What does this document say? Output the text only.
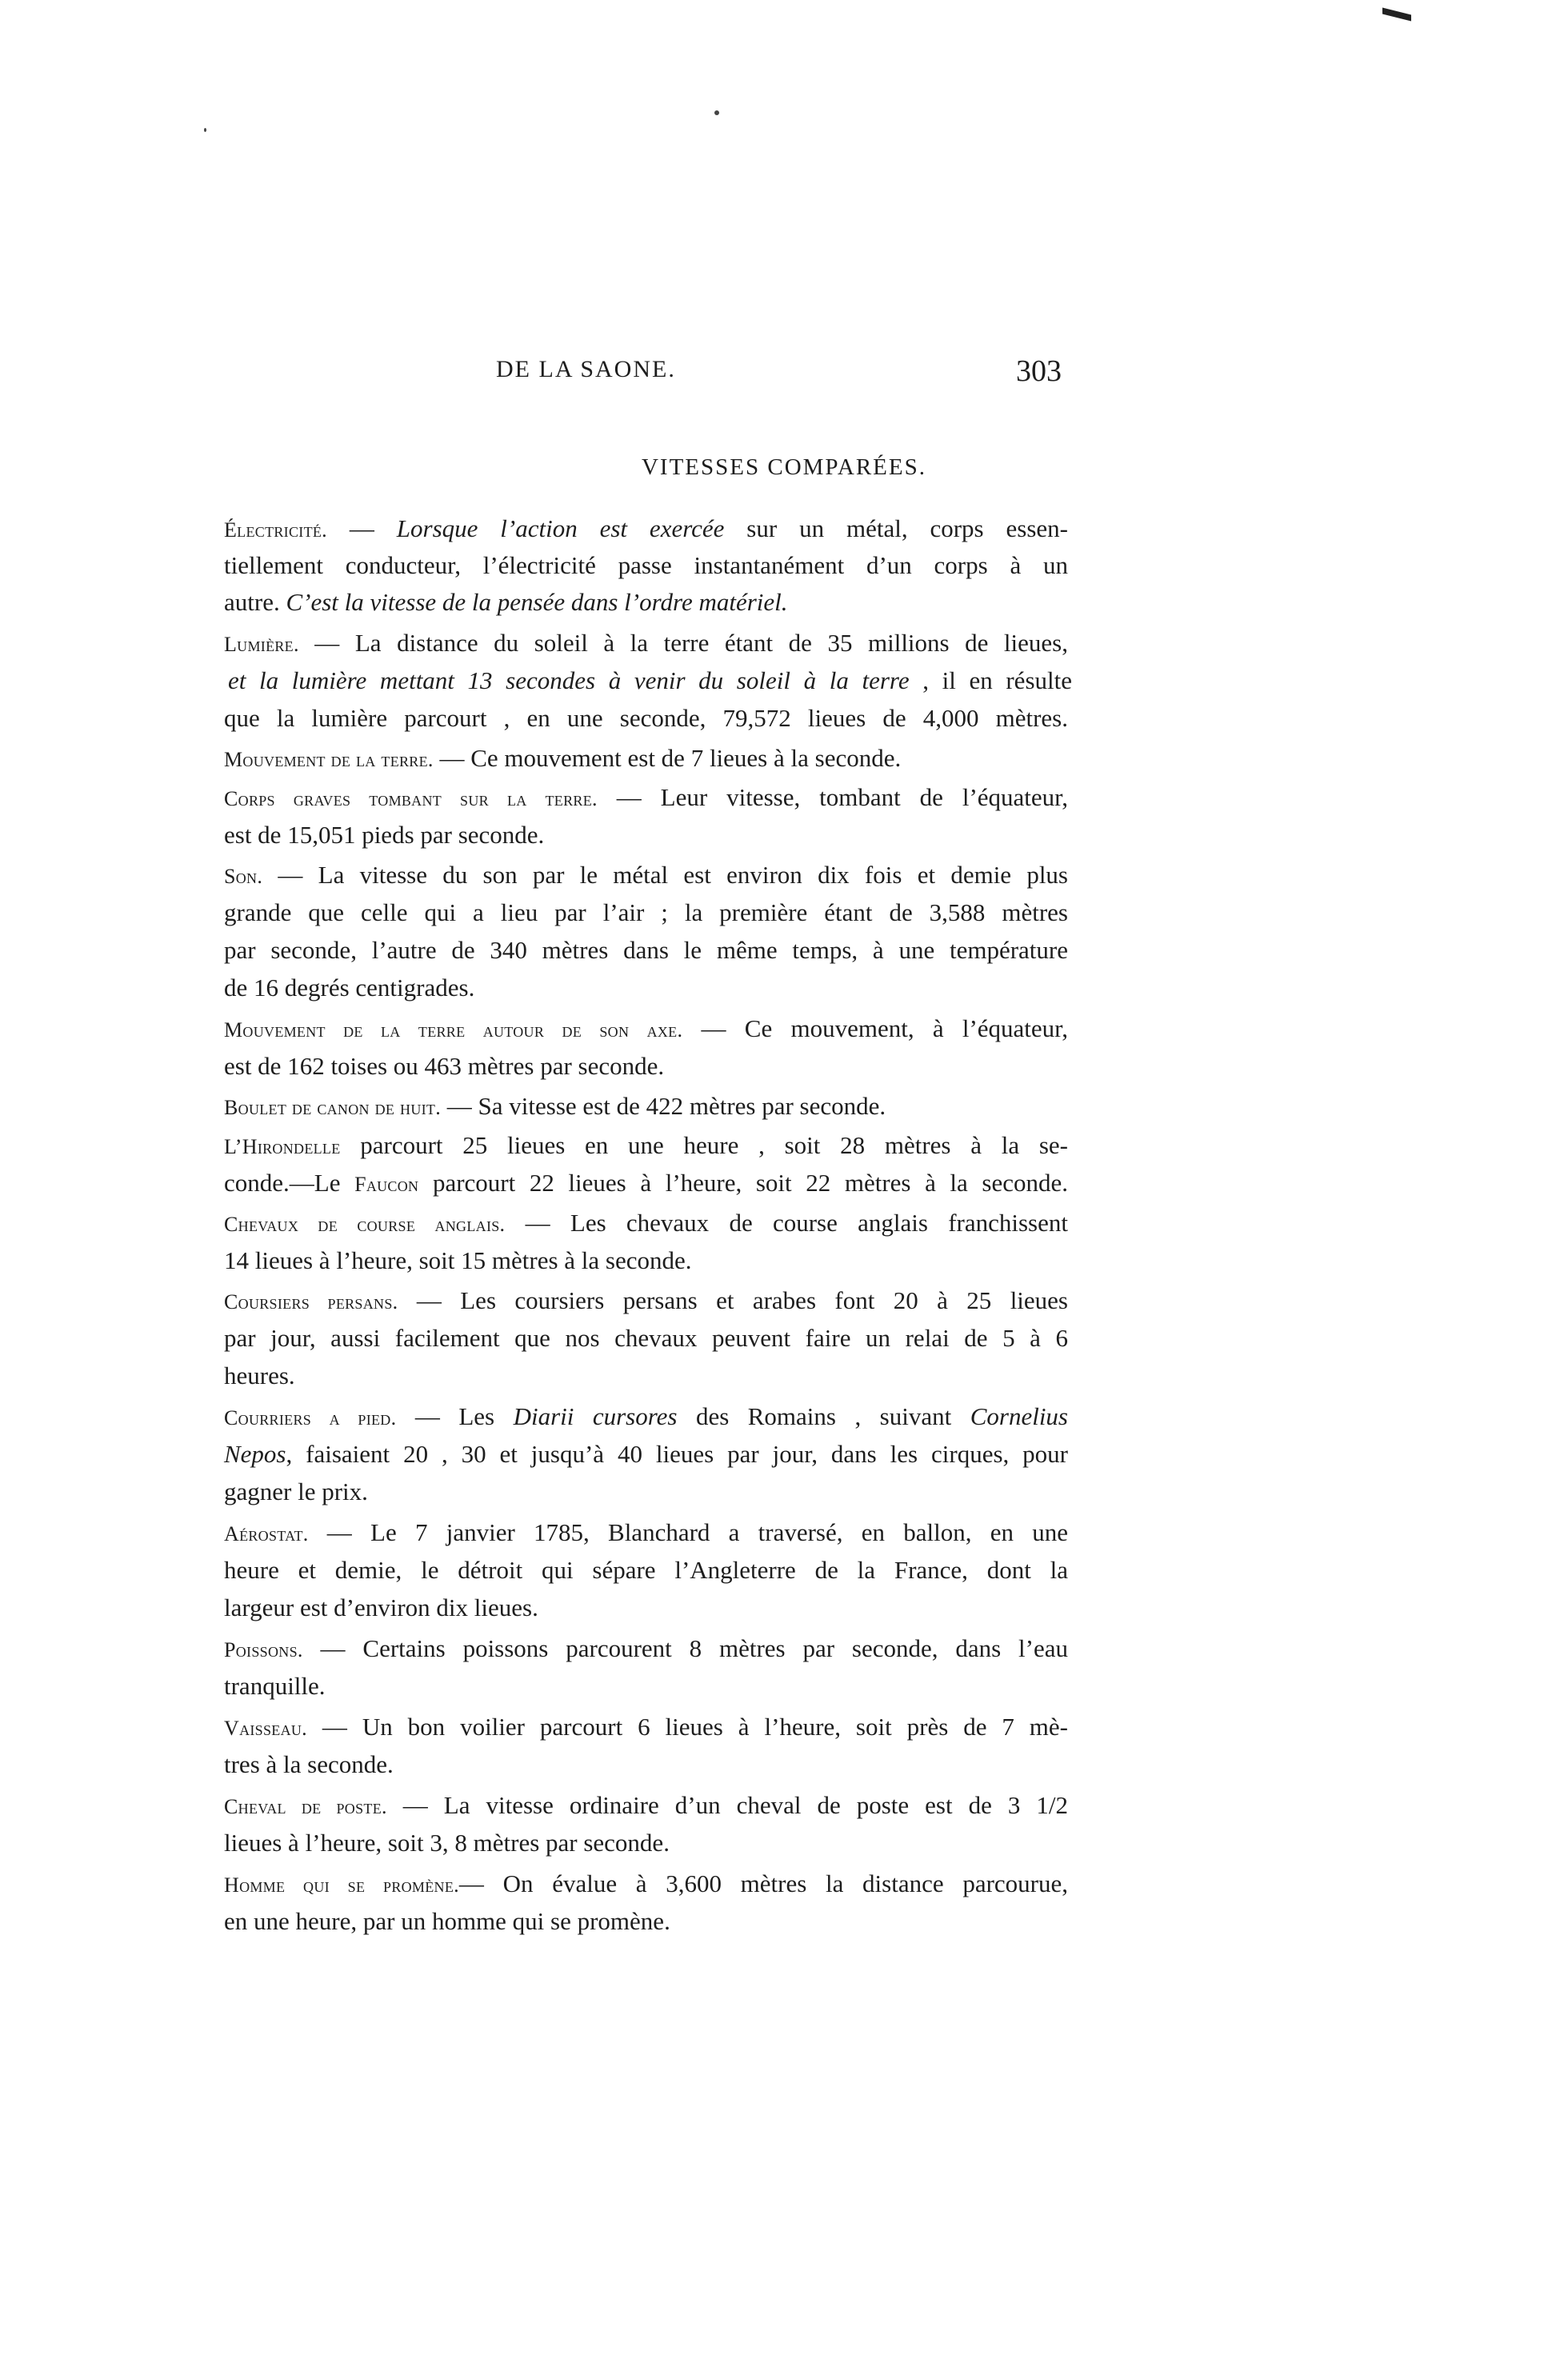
DE LA SAONE.	303
VITESSES COMPARÉES.
Électricité. — Lorsque l’action est exercée sur un métal, corps essen-
tiellement conducteur, l’électricité passe instantanément d’un corps à un
autre. C’est la vitesse de la pensée dans l’ordre matériel.
Lumière. — La distance du soleil à la terre étant de 35 millions de lieues,
et la lumière mettant 13 secondes à venir du soleil à la terre , il en résulte
que la lumière parcourt , en une seconde, 79,572 lieues de 4,000 mètres.
Mouvement de la terre. — Ce mouvement est de 7 lieues à la seconde.
Corps graves tombant sur la terre. — Leur vitesse, tombant de l’équateur,
est de 15,051 pieds par seconde.
Son. — La vitesse du son par le métal est environ dix fois et demie plus
grande que celle qui a lieu par l’air ; la première étant de 3,588 mètres
par seconde, l’autre de 340 mètres dans le même temps, à une température
de 16 degrés centigrades.
Mouvement de la terre autour de son axe. — Ce mouvement, à l’équateur,
est de 162 toises ou 463 mètres par seconde.
Boulet de canon de huit. — Sa vitesse est de 422 mètres par seconde.
L’Hirondelle parcourt 25 lieues en une heure , soit 28 mètres à la se-
conde.—Le Faucon parcourt 22 lieues à l’heure, soit 22 mètres à la seconde.
Chevaux de course anglais. — Les chevaux de course anglais franchissent
14 lieues à l’heure, soit 15 mètres à la seconde.
Coursiers persans. — Les coursiers persans et arabes font 20 à 25 lieues
par jour, aussi facilement que nos chevaux peuvent faire un relai de 5 à 6
heures.
Courriers a pied. — Les Diarii cursores des Romains , suivant Cornelius
Nepos, faisaient 20 , 30 et jusqu’à 40 lieues par jour, dans les cirques, pour
gagner le prix.
Aérostat. — Le 7 janvier 1785, Blanchard a traversé, en ballon, en une
heure et demie, le détroit qui sépare l’Angleterre de la France, dont la
largeur est d’environ dix lieues.
Poissons. — Certains poissons parcourent 8 mètres par seconde, dans l’eau
tranquille.
Vaisseau. — Un bon voilier parcourt 6 lieues à l’heure, soit près de 7 mè-
tres à la seconde.
Cheval de poste. — La vitesse ordinaire d’un cheval de poste est de 3 1/2
lieues à l’heure, soit 3, 8 mètres par seconde.
Homme qui se promène.— On évalue à 3,600 mètres la distance parcourue,
en une heure, par un homme qui se promène.
